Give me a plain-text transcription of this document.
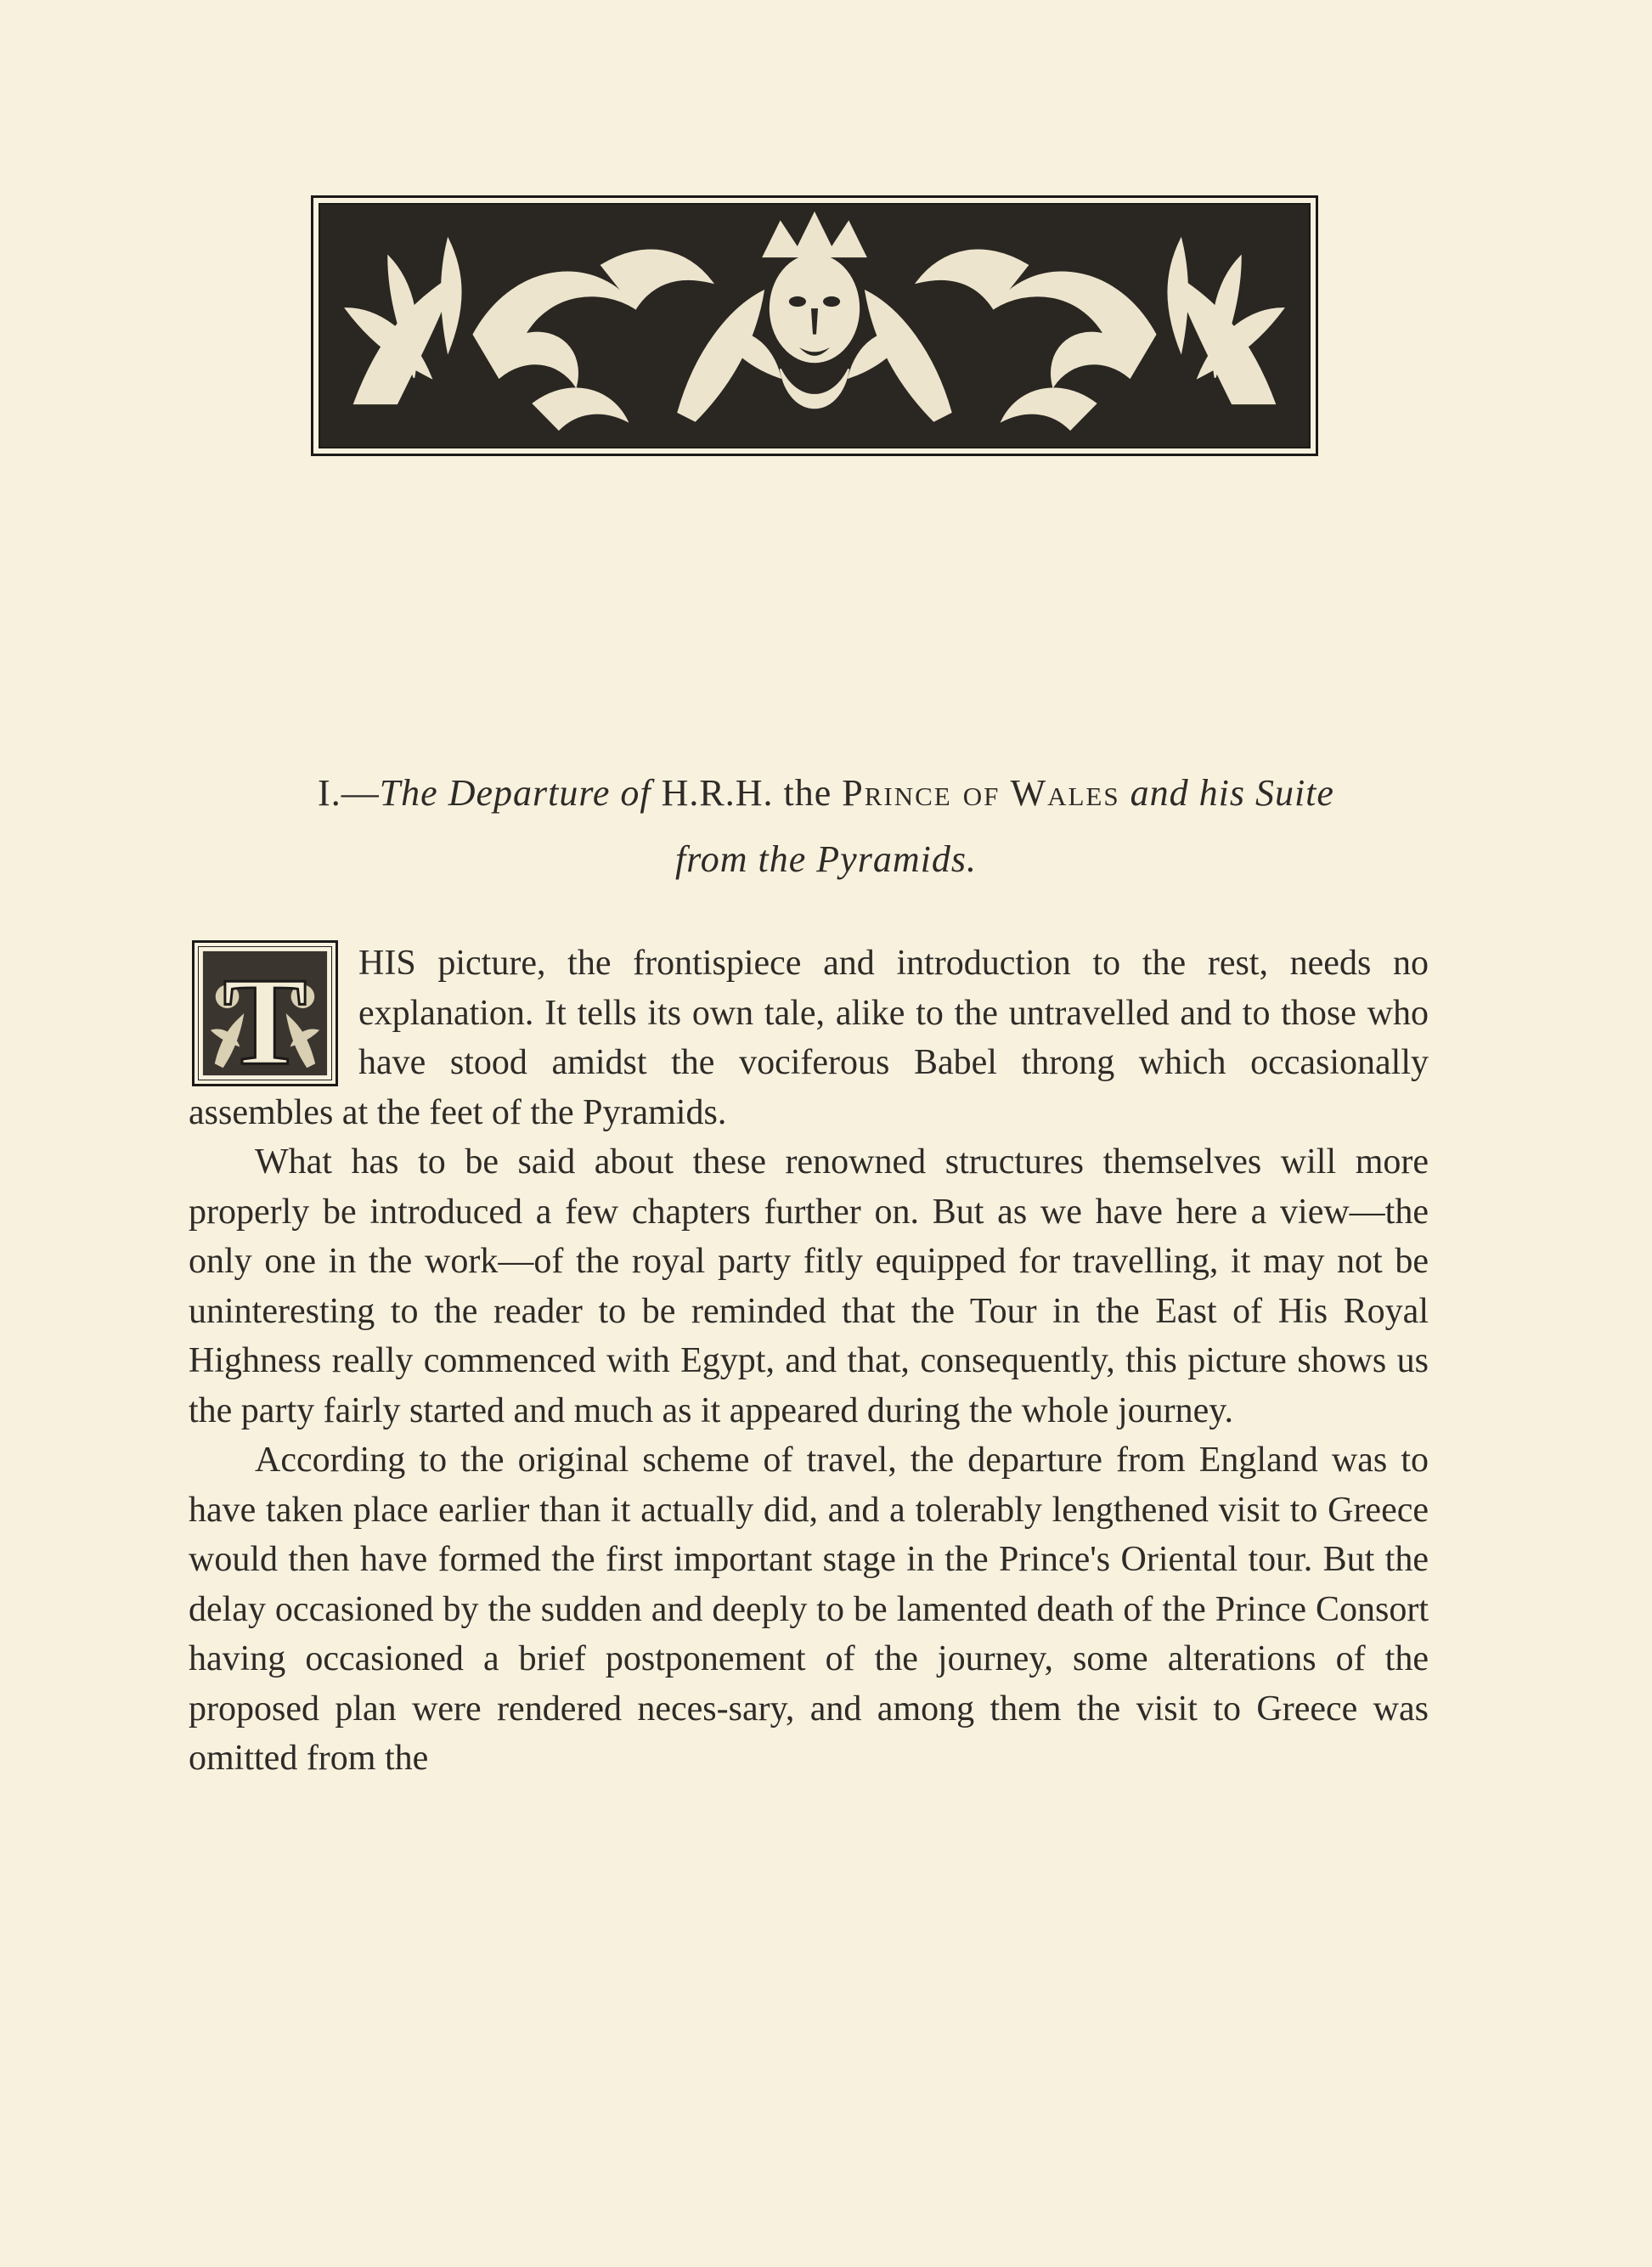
I.—The Departure of H.R.H. the Prince of Wales and his Suite
from the Pyramids.
T	HIS picture, the frontispiece and introduction to the rest, needs no explanation. It tells its own tale, alike to the untravelled and to those who have stood amidst the vociferous Babel throng which occasionally assembles at the feet of the Pyramids.

What has to be said about these renowned structures themselves will more properly be introduced a few chapters further on. But as we have here a view—the only one in the work—of the royal party fitly equipped for travelling, it may not be uninteresting to the reader to be reminded that the Tour in the East of His Royal Highness really commenced with Egypt, and that, consequently, this picture shows us the party fairly started and much as it appeared during the whole journey.

According to the original scheme of travel, the departure from England was to have taken place earlier than it actually did, and a tolerably lengthened visit to Greece would then have formed the first important stage in the Prince's Oriental tour. But the delay occasioned by the sudden and deeply to be lamented death of the Prince Consort having occasioned a brief postponement of the journey, some alterations of the proposed plan were rendered neces-sary, and among them the visit to Greece was omitted from the
